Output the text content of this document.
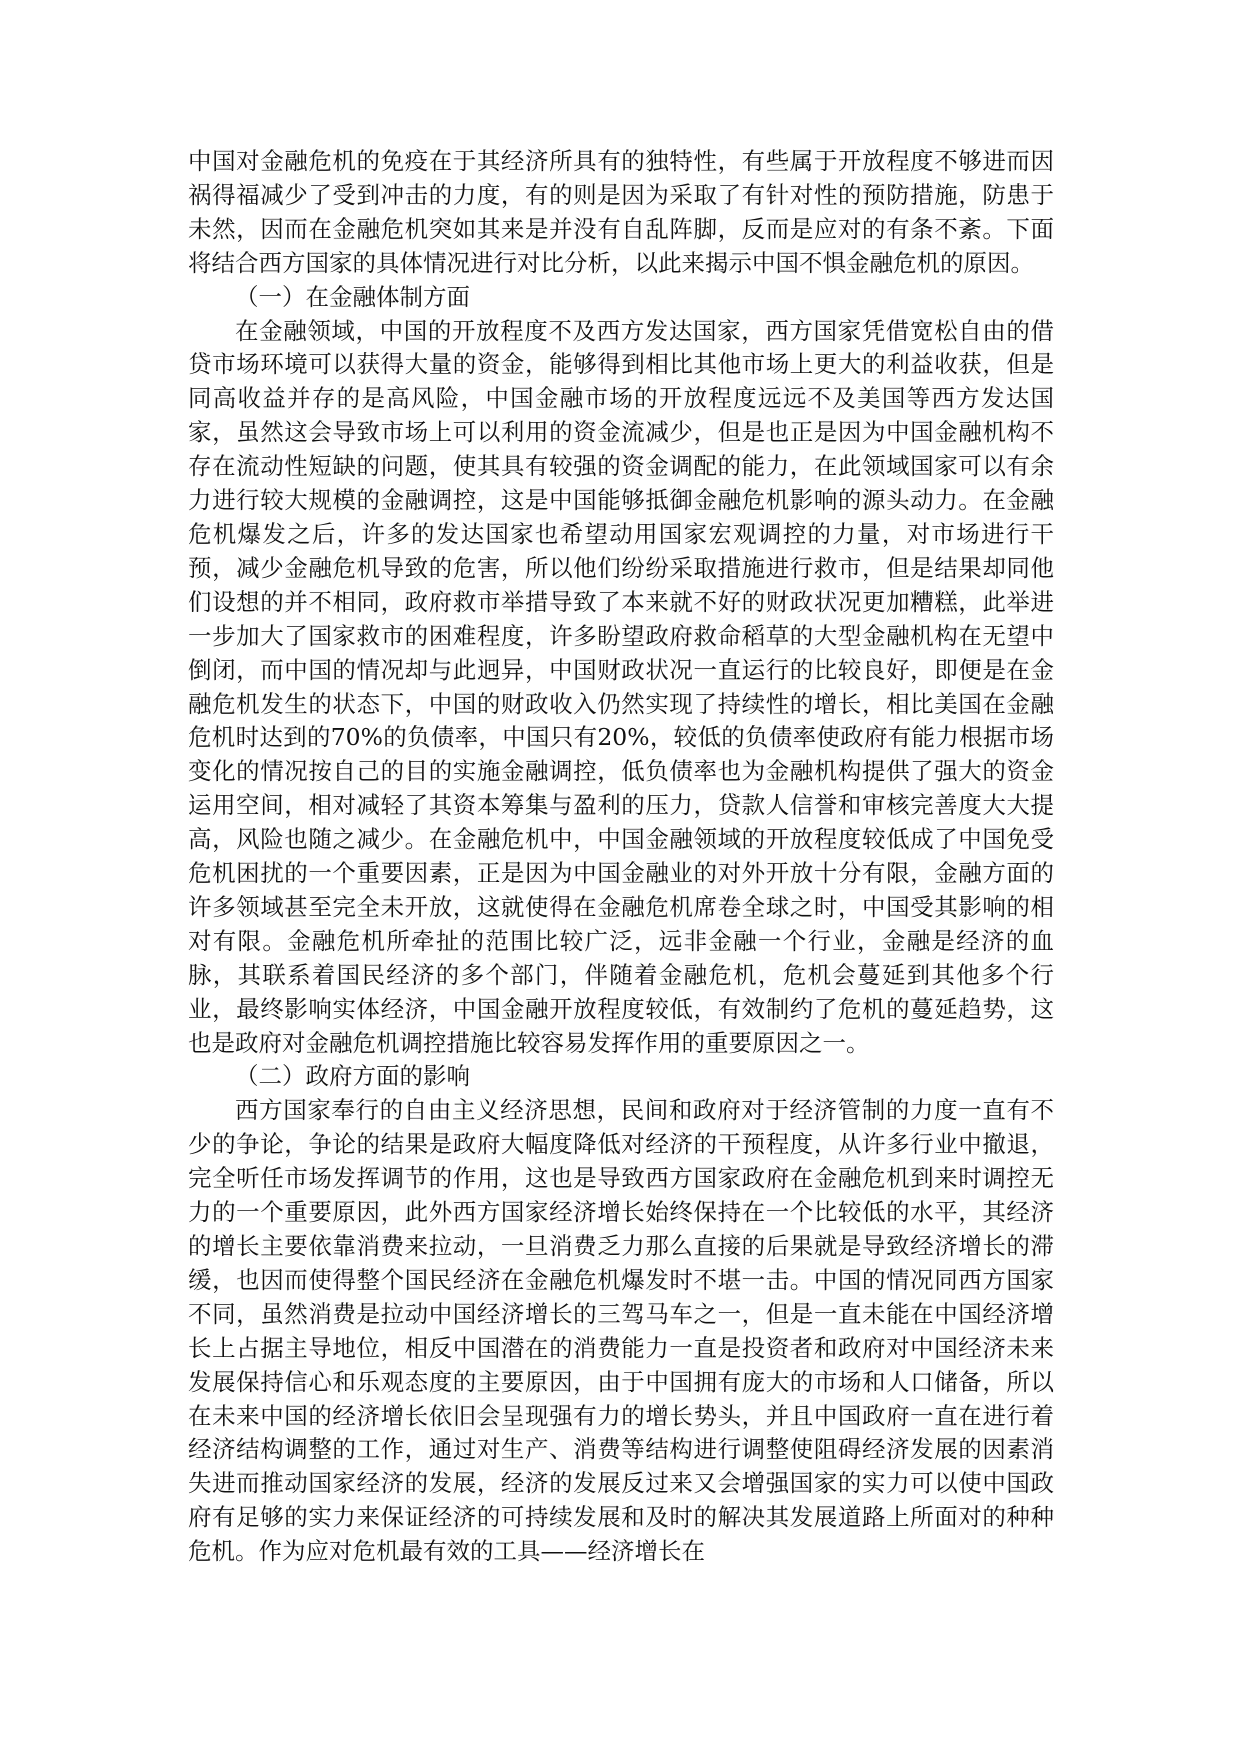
中国对金融危机的免疫在于其经济所具有的独特性，有些属于开放程度不够进而因祸得福减少了受到冲击的力度，有的则是因为采取了有针对性的预防措施，防患于未然，因而在金融危机突如其来是并没有自乱阵脚，反而是应对的有条不紊。下面将结合西方国家的具体情况进行对比分析，以此来揭示中国不惧金融危机的原因。

（一）在金融体制方面

在金融领域，中国的开放程度不及西方发达国家，西方国家凭借宽松自由的借贷市场环境可以获得大量的资金，能够得到相比其他市场上更大的利益收获，但是同高收益并存的是高风险，中国金融市场的开放程度远远不及美国等西方发达国家，虽然这会导致市场上可以利用的资金流减少，但是也正是因为中国金融机构不存在流动性短缺的问题，使其具有较强的资金调配的能力，在此领域国家可以有余力进行较大规模的金融调控，这是中国能够抵御金融危机影响的源头动力。在金融危机爆发之后，许多的发达国家也希望动用国家宏观调控的力量，对市场进行干预，减少金融危机导致的危害，所以他们纷纷采取措施进行救市，但是结果却同他们设想的并不相同，政府救市举措导致了本来就不好的财政状况更加糟糕，此举进一步加大了国家救市的困难程度，许多盼望政府救命稻草的大型金融机构在无望中倒闭，而中国的情况却与此迥异，中国财政状况一直运行的比较良好，即便是在金融危机发生的状态下，中国的财政收入仍然实现了持续性的增长，相比美国在金融危机时达到的70%的负债率，中国只有20%，较低的负债率使政府有能力根据市场变化的情况按自己的目的实施金融调控，低负债率也为金融机构提供了强大的资金运用空间，相对减轻了其资本筹集与盈利的压力，贷款人信誉和审核完善度大大提高，风险也随之减少。在金融危机中，中国金融领域的开放程度较低成了中国免受危机困扰的一个重要因素，正是因为中国金融业的对外开放十分有限，金融方面的许多领域甚至完全未开放，这就使得在金融危机席卷全球之时，中国受其影响的相对有限。金融危机所牵扯的范围比较广泛，远非金融一个行业，金融是经济的血脉，其联系着国民经济的多个部门，伴随着金融危机，危机会蔓延到其他多个行业，最终影响实体经济，中国金融开放程度较低，有效制约了危机的蔓延趋势，这也是政府对金融危机调控措施比较容易发挥作用的重要原因之一。

（二）政府方面的影响

西方国家奉行的自由主义经济思想，民间和政府对于经济管制的力度一直有不少的争论，争论的结果是政府大幅度降低对经济的干预程度，从许多行业中撤退，完全听任市场发挥调节的作用，这也是导致西方国家政府在金融危机到来时调控无力的一个重要原因，此外西方国家经济增长始终保持在一个比较低的水平，其经济的增长主要依靠消费来拉动，一旦消费乏力那么直接的后果就是导致经济增长的滞缓，也因而使得整个国民经济在金融危机爆发时不堪一击。中国的情况同西方国家不同，虽然消费是拉动中国经济增长的三驾马车之一，但是一直未能在中国经济增长上占据主导地位，相反中国潜在的消费能力一直是投资者和政府对中国经济未来发展保持信心和乐观态度的主要原因，由于中国拥有庞大的市场和人口储备，所以在未来中国的经济增长依旧会呈现强有力的增长势头，并且中国政府一直在进行着经济结构调整的工作，通过对生产、消费等结构进行调整使阻碍经济发展的因素消失进而推动国家经济的发展，经济的发展反过来又会增强国家的实力可以使中国政府有足够的实力来保证经济的可持续发展和及时的解决其发展道路上所面对的种种危机。作为应对危机最有效的工具——经济增长在
